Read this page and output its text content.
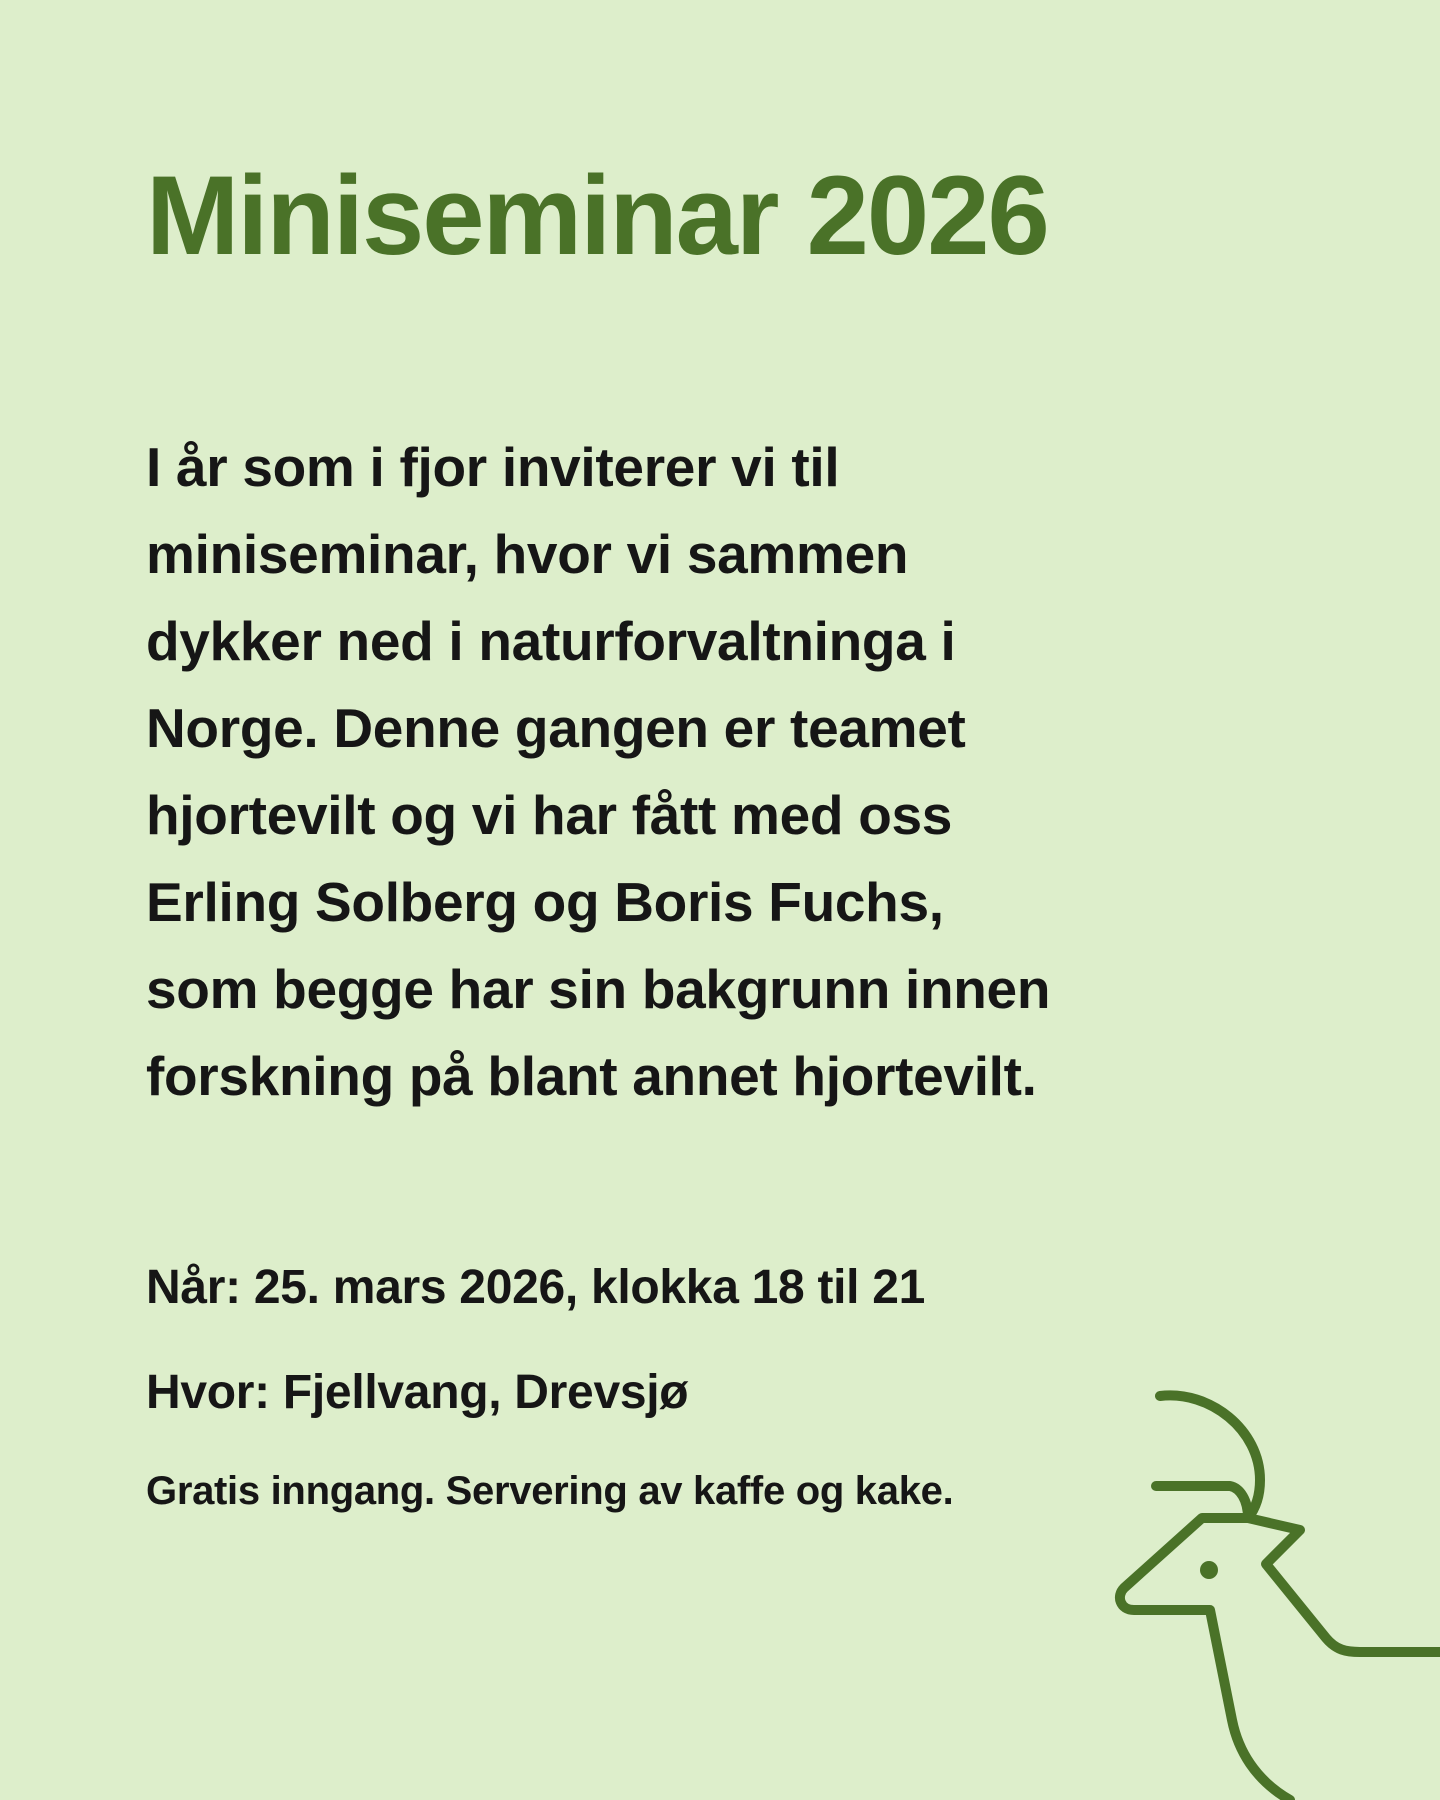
Miniseminar 2026

I år som i fjor inviterer vi til
miniseminar, hvor vi sammen
dykker ned i naturforvaltninga i
Norge. Denne gangen er teamet
hjortevilt og vi har fått med oss
Erling Solberg og Boris Fuchs,
som begge har sin bakgrunn innen
forskning på blant annet hjortevilt.

Når: 25. mars 2026, klokka 18 til 21

Hvor: Fjellvang, Drevsjø

Gratis inngang. Servering av kaffe og kake.
